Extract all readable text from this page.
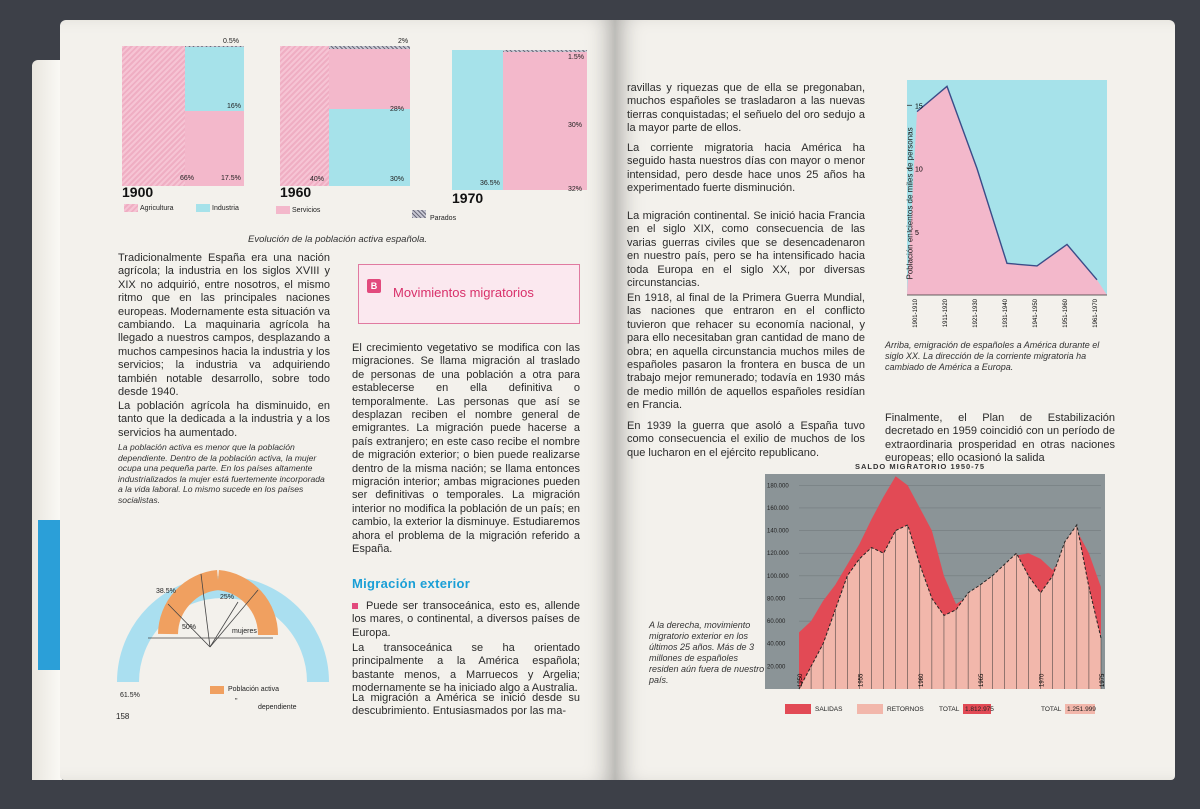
0.5%
16%
17.5%
66%
1900
2%
28%
30%
40%
1960
1.5%
30%
32%
36.5%
1970
Agricultura	Industria	Servicios
Parados
Evolución de la población activa española.
Tradicionalmente España era una nación agrícola; la industria en los siglos XVIII y XIX no adquirió, entre nosotros, el mismo ritmo que en las principales naciones europeas. Modernamente esta situación va cambiando. La maquinaria agrícola ha llegado a nuestros campos, desplazando a muchos campesinos hacia la industria y los servicios; la industria va adquiriendo también notable desarrollo, sobre todo desde 1940.
La población agrícola ha disminuido, en tanto que la dedicada a la industria y a los servicios ha aumentado.
La población activa es menor que la población dependiente. Dentro de la población activa, la mujer ocupa una pequeña parte. En los países altamente industrializados la mujer está fuertemente incorporada a la vida laboral. Lo mismo sucede en los países socialistas.
38.5%
25%
50%
mujeres
61.5%
Población activa
"
dependiente
158
B Movimientos migratorios
El crecimiento vegetativo se modifica con las migraciones. Se llama migración al traslado de personas de una población a otra para establecerse en ella definitiva o temporalmente. Las personas que así se desplazan reciben el nombre general de emigrantes. La migración puede hacerse a país extranjero; en este caso recibe el nombre de migración exterior; o bien puede realizarse dentro de la misma nación; se llama entonces migración interior; ambas migraciones pueden ser definitivas o temporales. La migración interior no modifica la población de un país; en cambio, la exterior la disminuye. Estudiaremos ahora el problema de la migración referido a España.
Migración exterior
Puede ser transoceánica, esto es, allende los mares, o continental, a diversos países de Europa.
La transoceánica se ha orientado principalmente a la América española; bastante menos, a Marruecos y Argelia; modernamente se ha iniciado algo a Australia.
La migración a América se inició desde su descubrimiento. Entusiasmados por las ma-
ravillas y riquezas que de ella se pregonaban, muchos españoles se trasladaron a las nuevas tierras conquistadas; el señuelo del oro sedujo a la mayor parte de ellos.
La corriente migratoria hacia América ha seguido hasta nuestros días con mayor o menor intensidad, pero desde hace unos 25 años ha experimentado fuerte disminución.
La migración continental. Se inició hacia Francia en el siglo XIX, como consecuencia de las varias guerras civiles que se desencadenaron en nuestro país, pero se ha intensificado hacia toda Europa en el siglo XX, por diversas circunstancias.
En 1918, al final de la Primera Guerra Mundial, las naciones que entraron en el conflicto tuvieron que rehacer su economía nacional, y para ello necesitaban gran cantidad de mano de obra; en aquella circunstancia muchos miles de españoles pasaron la frontera en busca de un trabajo mejor remunerado; todavía en 1930 más de medio millón de aquellos españoles residían en Francia.
En 1939 la guerra que asoló a España tuvo como consecuencia el exilio de muchos de los que lucharon en el ejército republicano.
5
10
15
1901-1910	1911-1920	1921-1930	1931-1940	1941-1950	1951-1960	1961-1970
Población en cientos de miles de personas
Arriba, emigración de españoles a América durante el siglo XX. La dirección de la corriente migratoria ha cambiado de América a Europa.
Finalmente, el Plan de Estabilización decretado en 1959 coincidió con un período de extraordinaria prosperidad en otras naciones europeas; ello ocasionó la salida
SALDO MIGRATORIO 1950-75
20.000
40.000
60.000
80.000
100.000
120.000
140.000
160.000
180.000
1950	1955	1960	1965	1970	1975
SALIDAS	RETORNOS TOTAL 1.812.975	TOTAL 1.251.999
A la derecha, movimiento migratorio exterior en los últimos 25 años. Más de 3 millones de españoles residen aún fuera de nuestro país.
